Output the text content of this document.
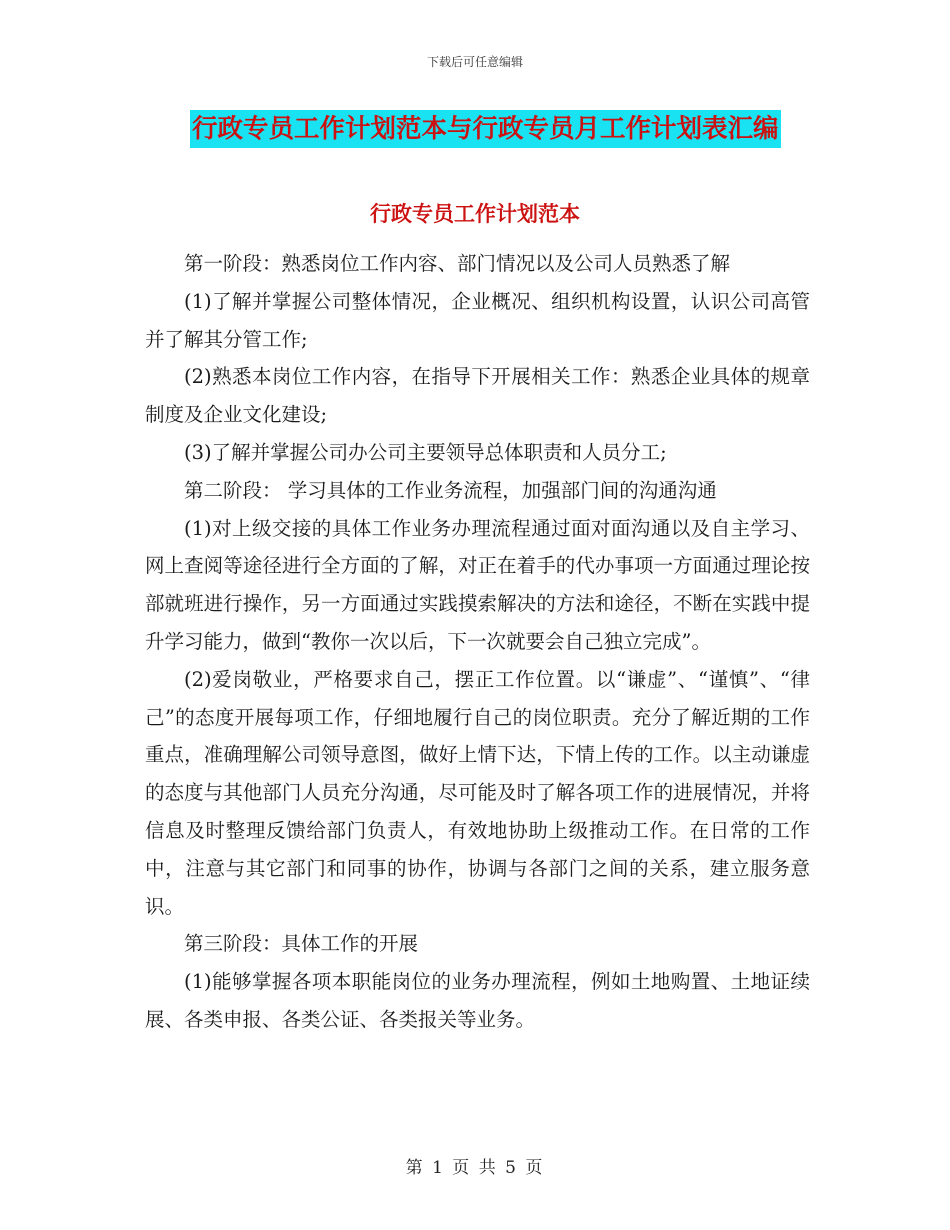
下载后可任意编辑
行政专员工作计划范本与行政专员月工作计划表汇编
行政专员工作计划范本

第一阶段：熟悉岗位工作内容、部门情况以及公司人员熟悉了解

(1)了解并掌握公司整体情况，企业概况、组织机构设置，认识公司高管并了解其分管工作;

(2)熟悉本岗位工作内容，在指导下开展相关工作：熟悉企业具体的规章制度及企业文化建设;

(3)了解并掌握公司办公司主要领导总体职责和人员分工;

第二阶段： 学习具体的工作业务流程，加强部门间的沟通沟通

(1)对上级交接的具体工作业务办理流程通过面对面沟通以及自主学习、网上查阅等途径进行全方面的了解，对正在着手的代办事项一方面通过理论按部就班进行操作，另一方面通过实践摸索解决的方法和途径，不断在实践中提升学习能力，做到“教你一次以后，下一次就要会自己独立完成”。

(2)爱岗敬业，严格要求自己，摆正工作位置。以“谦虚”、“谨慎”、“律己”的态度开展每项工作，仔细地履行自己的岗位职责。充分了解近期的工作重点，准确理解公司领导意图，做好上情下达，下情上传的工作。以主动谦虚的态度与其他部门人员充分沟通，尽可能及时了解各项工作的进展情况，并将信息及时整理反馈给部门负责人，有效地协助上级推动工作。在日常的工作中，注意与其它部门和同事的协作，协调与各部门之间的关系，建立服务意识。

第三阶段：具体工作的开展

(1)能够掌握各项本职能岗位的业务办理流程，例如土地购置、土地证续展、各类申报、各类公证、各类报关等业务。

第 1 页 共 5 页
